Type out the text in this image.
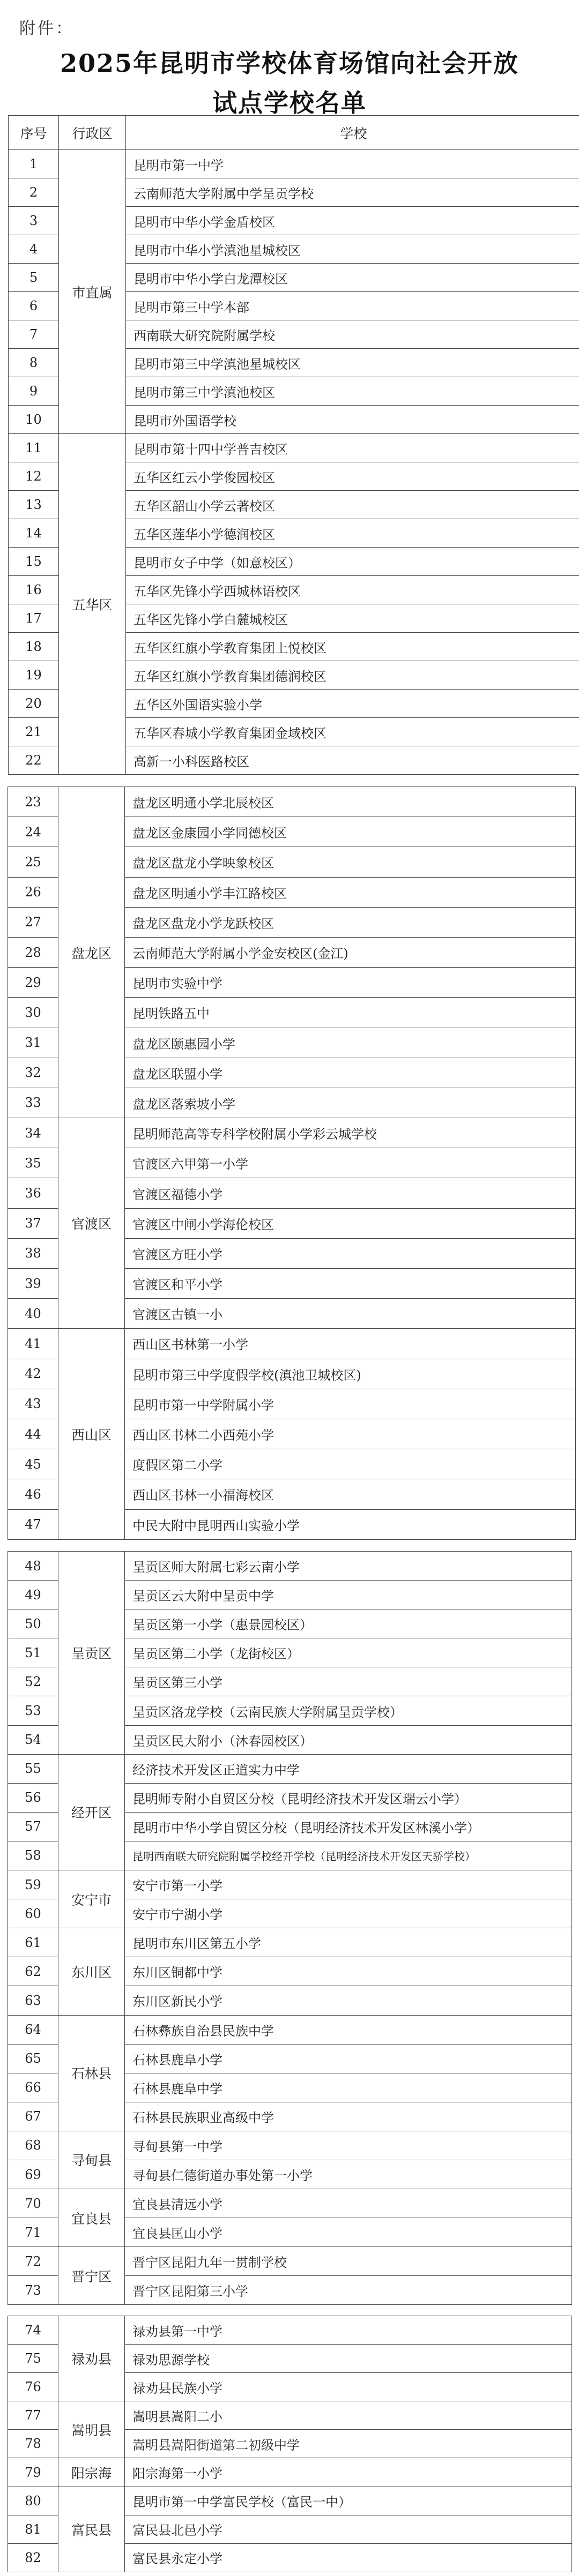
附件：
2025年昆明市学校体育场馆向社会开放
试点学校名单
序号	行政区	学校
1	市直属	昆明市第一中学
2		云南师范大学附属中学呈贡学校
3		昆明市中华小学金盾校区
4		昆明市中华小学滇池星城校区
5		昆明市中华小学白龙潭校区
6		昆明市第三中学本部
7		西南联大研究院附属学校
8		昆明市第三中学滇池星城校区
9		昆明市第三中学滇池校区
10		昆明市外国语学校
11	五华区	昆明市第十四中学普吉校区
12		五华区红云小学俊园校区
13		五华区韶山小学云著校区
14		五华区莲华小学德润校区
15		昆明市女子中学（如意校区）
16		五华区先锋小学西城林语校区
17		五华区先锋小学白麓城校区
18		五华区红旗小学教育集团上悦校区
19		五华区红旗小学教育集团德润校区
20		五华区外国语实验小学
21		五华区春城小学教育集团金域校区
22		高新一小科医路校区
23	盘龙区	盘龙区明通小学北辰校区
24		盘龙区金康园小学同德校区
25		盘龙区盘龙小学映象校区
26		盘龙区明通小学丰江路校区
27		盘龙区盘龙小学龙跃校区
28		云南师范大学附属小学金安校区(金江)
29		昆明市实验中学
30		昆明铁路五中
31		盘龙区颐惠园小学
32		盘龙区联盟小学
33		盘龙区落索坡小学
34	官渡区	昆明师范高等专科学校附属小学彩云城学校
35		官渡区六甲第一小学
36		官渡区福德小学
37		官渡区中闸小学海伦校区
38		官渡区方旺小学
39		官渡区和平小学
40		官渡区古镇一小
41	西山区	西山区书林第一小学
42		昆明市第三中学度假学校(滇池卫城校区)
43		昆明市第一中学附属小学
44		西山区书林二小西苑小学
45		度假区第二小学
46		西山区书林一小福海校区
47		中民大附中昆明西山实验小学
48	呈贡区	呈贡区师大附属七彩云南小学
49		呈贡区云大附中呈贡中学
50		呈贡区第一小学（惠景园校区）
51		呈贡区第二小学（龙街校区）
52		呈贡区第三小学
53		呈贡区洛龙学校（云南民族大学附属呈贡学校）
54		呈贡区民大附小（沐春园校区）
55	经开区	经济技术开发区正道实力中学
56		昆明师专附小自贸区分校（昆明经济技术开发区瑞云小学）
57		昆明市中华小学自贸区分校（昆明经济技术开发区林溪小学）
58		昆明西南联大研究院附属学校经开学校（昆明经济技术开发区天骄学校）
59	安宁市	安宁市第一小学
60		安宁市宁湖小学
61	东川区	昆明市东川区第五小学
62		东川区铜都中学
63		东川区新民小学
64	石林县	石林彝族自治县民族中学
65		石林县鹿阜小学
66		石林县鹿阜中学
67		石林县民族职业高级中学
68	寻甸县	寻甸县第一中学
69		寻甸县仁德街道办事处第一小学
70	宜良县	宜良县清远小学
71		宜良县匡山小学
72	晋宁区	晋宁区昆阳九年一贯制学校
73		晋宁区昆阳第三小学
74	禄劝县	禄劝县第一中学
75		禄劝思源学校
76		禄劝县民族小学
77	嵩明县	嵩明县嵩阳二小
78		嵩明县嵩阳街道第二初级中学
79	阳宗海	阳宗海第一小学
80	富民县	昆明市第一中学富民学校（富民一中）
81		富民县北邑小学
82		富民县永定小学
